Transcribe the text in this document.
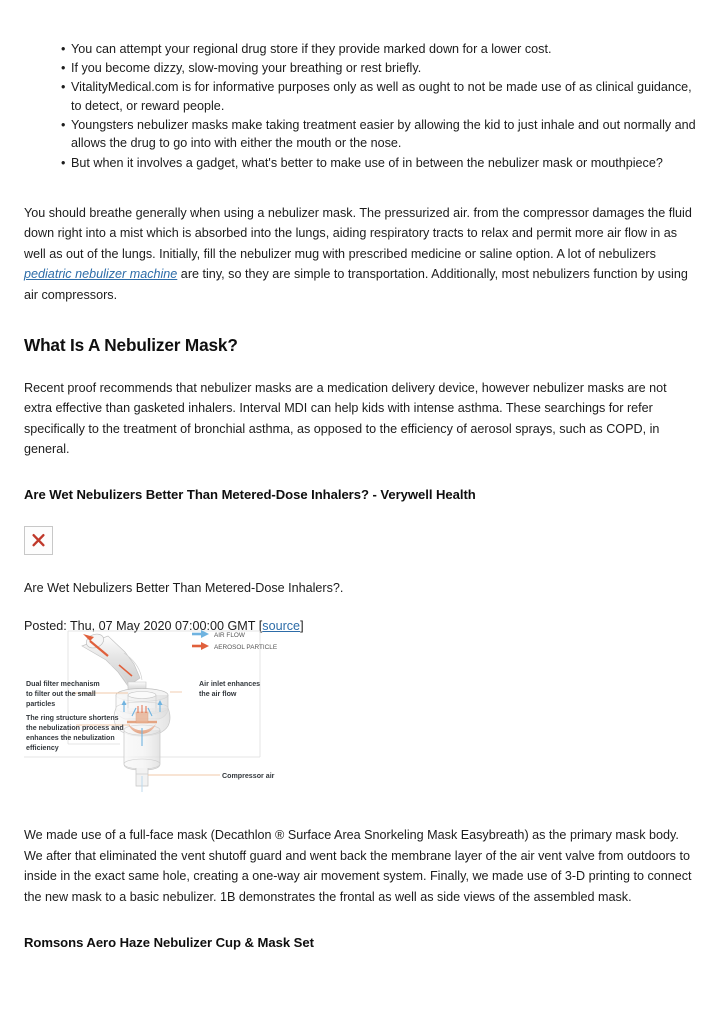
• You can attempt your regional drug store if they provide marked down for a lower cost.
• If you become dizzy, slow-moving your breathing or rest briefly.
• VitalityMedical.com is for informative purposes only as well as ought to not be made use of as clinical guidance, to detect, or reward people.
• Youngsters nebulizer masks make taking treatment easier by allowing the kid to just inhale and out normally and allows the drug to go into with either the mouth or the nose.
• But when it involves a gadget, what's better to make use of in between the nebulizer mask or mouthpiece?

You should breathe generally when using a nebulizer mask. The pressurized air. from the compressor damages the fluid down right into a mist which is absorbed into the lungs, aiding respiratory tracts to relax and permit more air flow in as well as out of the lungs. Initially, fill the nebulizer mug with prescribed medicine or saline option. A lot of nebulizers pediatric nebulizer machine are tiny, so they are simple to transportation. Additionally, most nebulizers function by using air compressors.

What Is A Nebulizer Mask?

Recent proof recommends that nebulizer masks are a medication delivery device, however nebulizer masks are not extra effective than gasketed inhalers. Interval MDI can help kids with intense asthma. These searchings for refer specifically to the treatment of bronchial asthma, as opposed to the efficiency of aerosol sprays, such as COPD, in general.

Are Wet Nebulizers Better Than Metered-Dose Inhalers? - Verywell Health

Are Wet Nebulizers Better Than Metered-Dose Inhalers?.

Posted: Thu, 07 May 2020 07:00:00 GMT [source]

We made use of a full-face mask (Decathlon ® Surface Area Snorkeling Mask Easybreath) as the primary mask body. We after that eliminated the vent shutoff guard and went back the membrane layer of the air vent valve from outdoors to inside in the exact same hole, creating a one-way air movement system. Finally, we made use of 3-D printing to connect the new mask to a basic nebulizer. 1B demonstrates the frontal as well as side views of the assembled mask.

Romsons Aero Haze Nebulizer Cup & Mask Set
AIR FLOW
AEROSOL PARTICLE
Air inlet enhances
the air flow
Dual filter mechanism
to filter out the small
particles
The ring structure shortens
the nebulization process and
enhances the nebulization
efficiency
Compressor air
